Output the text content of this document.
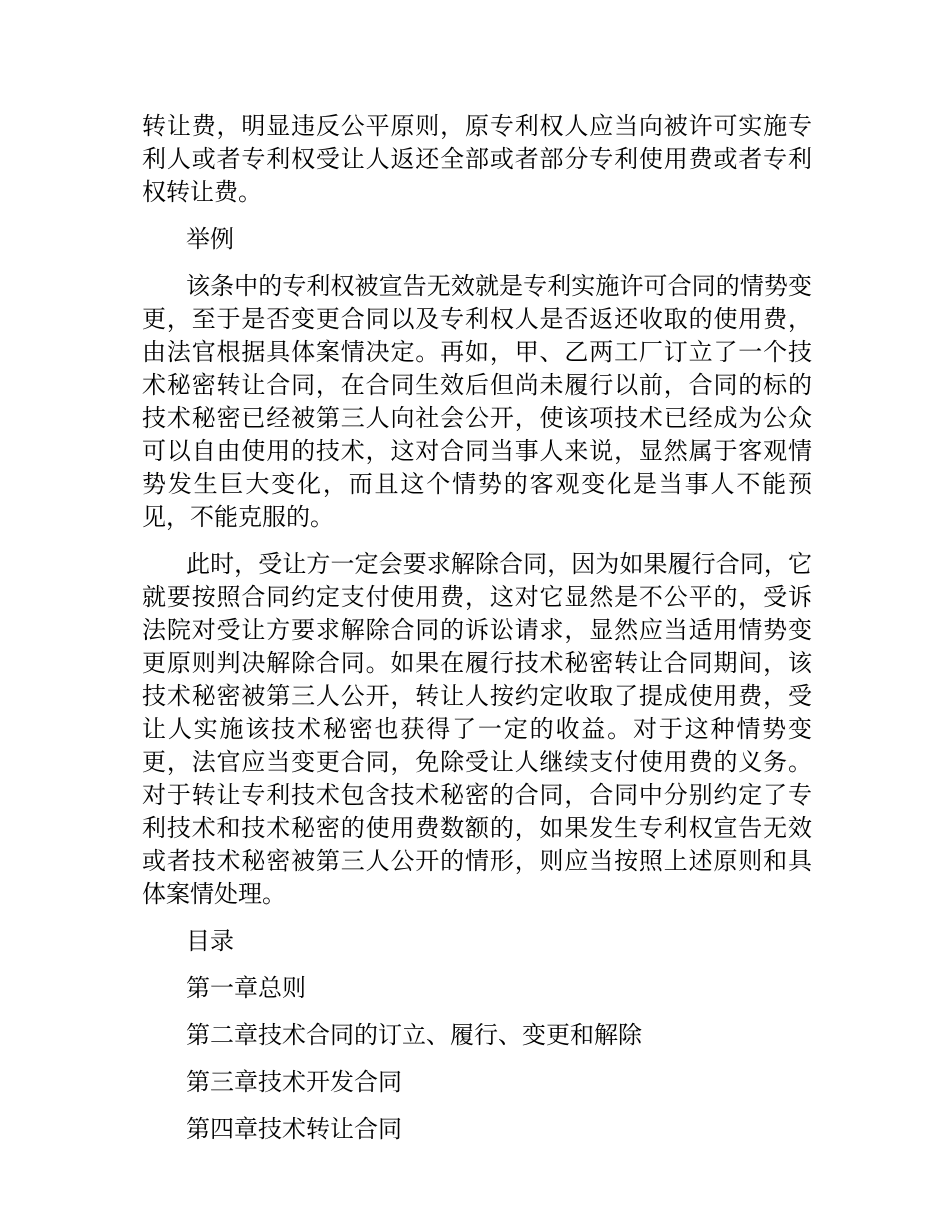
转让费，明显违反公平原则，原专利权人应当向被许可实施专利人或者专利权受让人返还全部或者部分专利使用费或者专利权转让费。

举例

该条中的专利权被宣告无效就是专利实施许可合同的情势变更，至于是否变更合同以及专利权人是否返还收取的使用费，由法官根据具体案情决定。再如，甲、乙两工厂订立了一个技术秘密转让合同，在合同生效后但尚未履行以前，合同的标的技术秘密已经被第三人向社会公开，使该项技术已经成为公众可以自由使用的技术，这对合同当事人来说，显然属于客观情势发生巨大变化，而且这个情势的客观变化是当事人不能预见，不能克服的。

此时，受让方一定会要求解除合同，因为如果履行合同，它就要按照合同约定支付使用费，这对它显然是不公平的，受诉法院对受让方要求解除合同的诉讼请求，显然应当适用情势变更原则判决解除合同。如果在履行技术秘密转让合同期间，该技术秘密被第三人公开，转让人按约定收取了提成使用费，受让人实施该技术秘密也获得了一定的收益。对于这种情势变更，法官应当变更合同，免除受让人继续支付使用费的义务。对于转让专利技术包含技术秘密的合同，合同中分别约定了专利技术和技术秘密的使用费数额的，如果发生专利权宣告无效或者技术秘密被第三人公开的情形，则应当按照上述原则和具体案情处理。

目录

第一章总则

第二章技术合同的订立、履行、变更和解除

第三章技术开发合同

第四章技术转让合同
